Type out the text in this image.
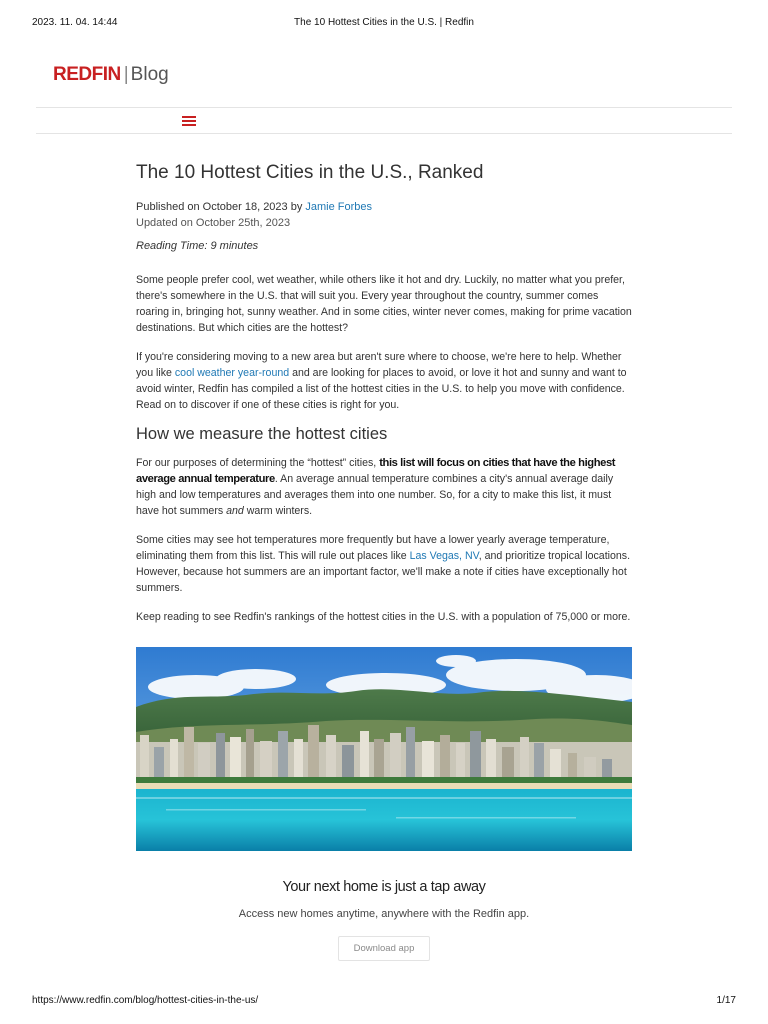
2023. 11. 04. 14:44	The 10 Hottest Cities in the U.S. | Redfin
REDFIN | Blog
The 10 Hottest Cities in the U.S., Ranked
Published on October 18, 2023 by Jamie Forbes
Updated on October 25th, 2023
Reading Time: 9 minutes

Some people prefer cool, wet weather, while others like it hot and dry. Luckily, no matter what you prefer, there's somewhere in the U.S. that will suit you. Every year throughout the country, summer comes roaring in, bringing hot, sunny weather. And in some cities, winter never comes, making for prime vacation destinations. But which cities are the hottest?

If you're considering moving to a new area but aren't sure where to choose, we're here to help. Whether you like cool weather year-round and are looking for places to avoid, or love it hot and sunny and want to avoid winter, Redfin has compiled a list of the hottest cities in the U.S. to help you move with confidence. Read on to discover if one of these cities is right for you.

How we measure the hottest cities

For our purposes of determining the “hottest” cities, this list will focus on cities that have the highest average annual temperature. An average annual temperature combines a city's annual average daily high and low temperatures and averages them into one number. So, for a city to make this list, it must have hot summers and warm winters.

Some cities may see hot temperatures more frequently but have a lower yearly average temperature, eliminating them from this list. This will rule out places like Las Vegas, NV, and prioritize tropical locations. However, because hot summers are an important factor, we'll make a note if cities have exceptionally hot summers.

Keep reading to see Redfin's rankings of the hottest cities in the U.S. with a population of 75,000 or more.

Your next home is just a tap away
Access new homes anytime, anywhere with the Redfin app.
Download app
https://www.redfin.com/blog/hottest-cities-in-the-us/	1/17
